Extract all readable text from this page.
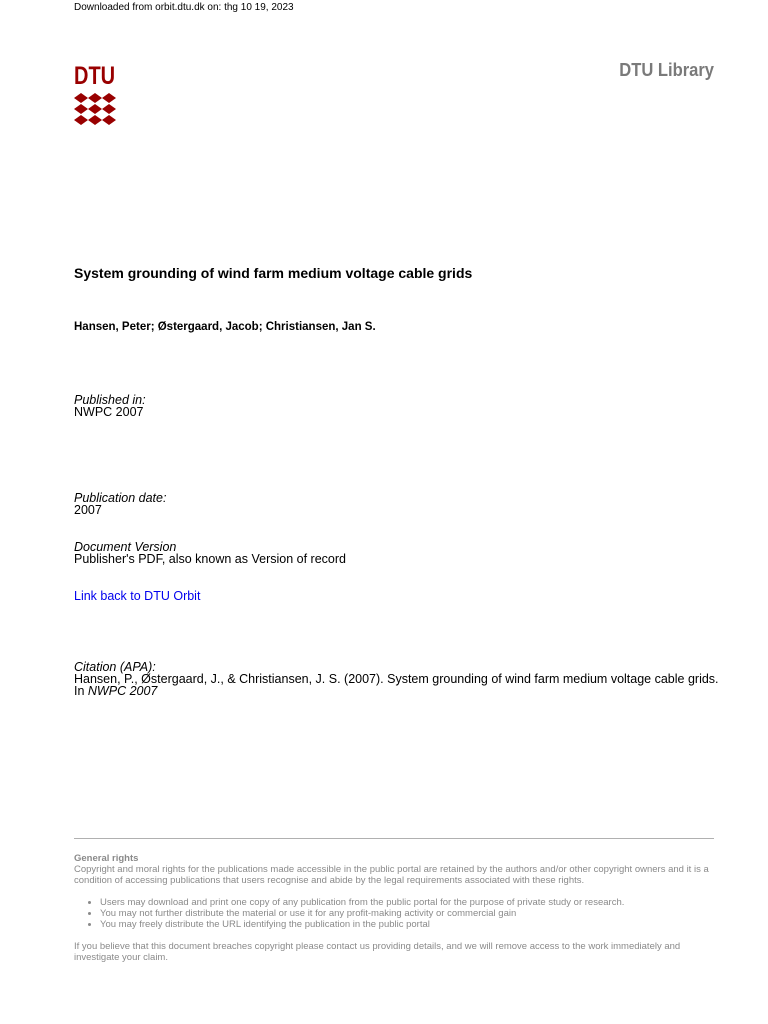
Downloaded from orbit.dtu.dk on: thg 10 19, 2023
DTU	DTU Library
System grounding of wind farm medium voltage cable grids
Hansen, Peter; Østergaard, Jacob; Christiansen, Jan S.
Published in:
NWPC 2007
Publication date:
2007
Document Version
Publisher's PDF, also known as Version of record
Link back to DTU Orbit
Citation (APA):
Hansen, P., Østergaard, J., & Christiansen, J. S. (2007). System grounding of wind farm medium voltage cable grids. In NWPC 2007
General rights

Copyright and moral rights for the publications made accessible in the public portal are retained by the authors and/or other copyright owners and it is a condition of accessing publications that users recognise and abide by the legal requirements associated with these rights.

• Users may download and print one copy of any publication from the public portal for the purpose of private study or research.
• You may not further distribute the material or use it for any profit-making activity or commercial gain
• You may freely distribute the URL identifying the publication in the public portal

If you believe that this document breaches copyright please contact us providing details, and we will remove access to the work immediately and investigate your claim.
